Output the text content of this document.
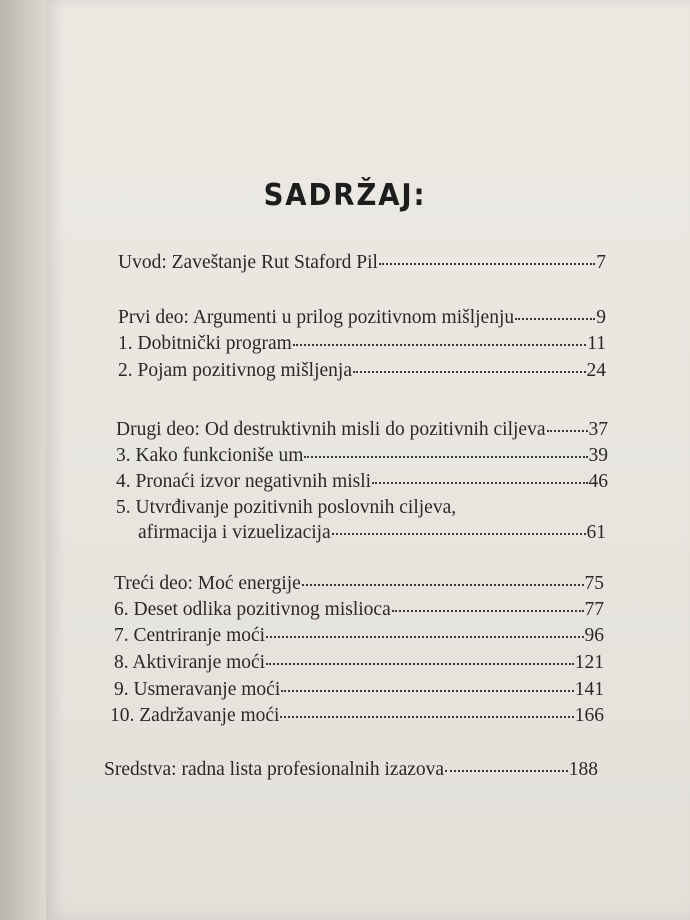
SADRŽAJ:
Uvod: Zaveštanje Rut Staford Pil	7
Prvi deo: Argumenti u prilog pozitivnom mišljenju	9
1. Dobitnički program	11
2. Pojam pozitivnog mišljenja	24
Drugi deo: Od destruktivnih misli do pozitivnih ciljeva 37
3. Kako funkcioniše um	39
4. Pronaći izvor negativnih misli	46
5. Utvrđivanje pozitivnih poslovnih ciljeva,
afirmacija i vizuelizacija	61
Treći deo: Moć energije	75
6. Deset odlika pozitivnog mislioca	77
7. Centriranje moći	96
8. Aktiviranje moći	121
9. Usmeravanje moći	141
10. Zadržavanje moći	166
Sredstva: radna lista profesionalnih izazova	188
